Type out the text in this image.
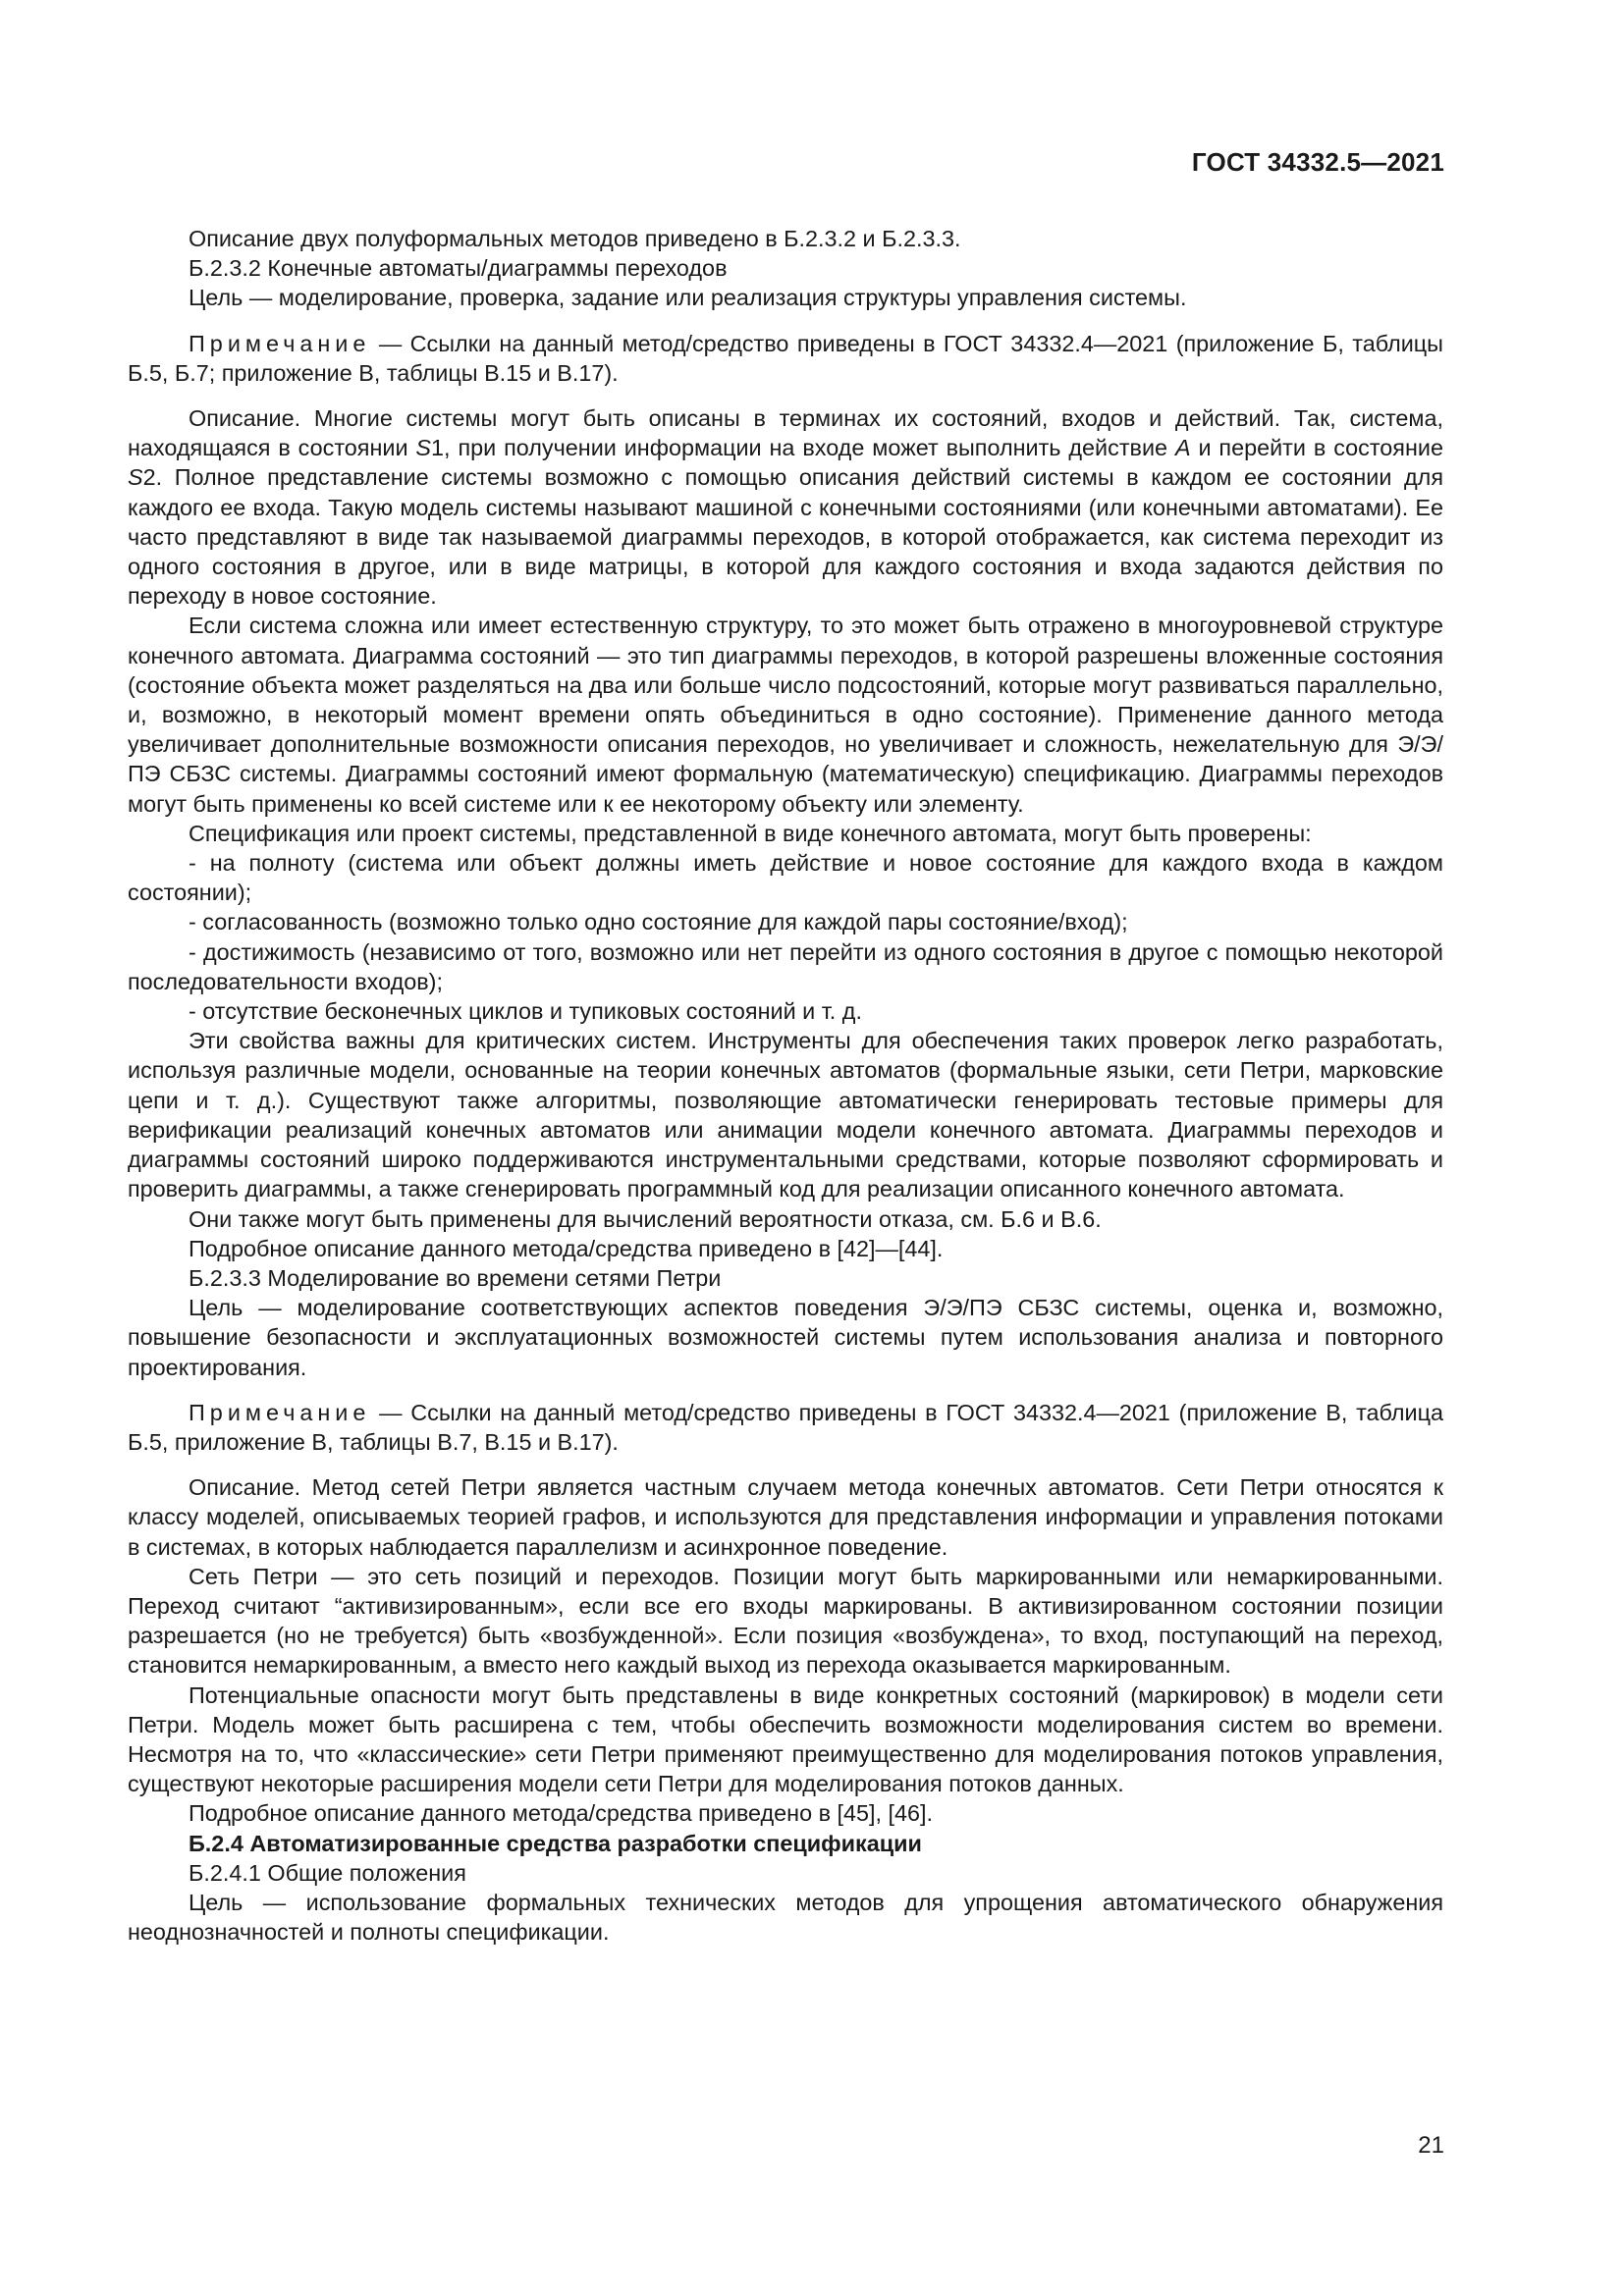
ГОСТ 34332.5—2021

Описание двух полуформальных методов приведено в Б.2.3.2 и Б.2.3.3.

Б.2.3.2 Конечные автоматы/диаграммы переходов

Цель — моделирование, проверка, задание или реализация структуры управления системы.

Примечание — Ссылки на данный метод/средство приведены в ГОСТ 34332.4—2021 (приложение Б, таблицы Б.5, Б.7; приложение В, таблицы В.15 и В.17).

Описание. Многие системы могут быть описаны в терминах их состояний, входов и действий. Так, система, находящаяся в состоянии S1, при получении информации на входе может выполнить действие A и перейти в состояние S2. Полное представление системы возможно с помощью описания действий системы в каждом ее состоянии для каждого ее входа. Такую модель системы называют машиной с конечными состояниями (или конечными автоматами). Ее часто представляют в виде так называемой диаграммы переходов, в которой отображается, как система переходит из одного состояния в другое, или в виде матрицы, в которой для каждого состояния и входа задаются действия по переходу в новое состояние.

Если система сложна или имеет естественную структуру, то это может быть отражено в многоуровневой структуре конечного автомата. Диаграмма состояний — это тип диаграммы переходов, в которой разрешены вложенные состояния (состояние объекта может разделяться на два или больше число подсостояний, которые могут развиваться параллельно, и, возможно, в некоторый момент времени опять объединиться в одно состояние). Применение данного метода увеличивает дополнительные возможности описания переходов, но увеличивает и сложность, нежелательную для Э/Э/ПЭ СБЗС системы. Диаграммы состояний имеют формальную (математическую) спецификацию. Диаграммы переходов могут быть применены ко всей системе или к ее некоторому объекту или элементу.

Спецификация или проект системы, представленной в виде конечного автомата, могут быть проверены:

- на полноту (система или объект должны иметь действие и новое состояние для каждого входа в каждом состоянии);

- согласованность (возможно только одно состояние для каждой пары состояние/вход);

- достижимость (независимо от того, возможно или нет перейти из одного состояния в другое с помощью некоторой последовательности входов);

- отсутствие бесконечных циклов и тупиковых состояний и т. д.

Эти свойства важны для критических систем. Инструменты для обеспечения таких проверок легко разработать, используя различные модели, основанные на теории конечных автоматов (формальные языки, сети Петри, марковские цепи и т. д.). Существуют также алгоритмы, позволяющие автоматически генерировать тестовые примеры для верификации реализаций конечных автоматов или анимации модели конечного автомата. Диаграммы переходов и диаграммы состояний широко поддерживаются инструментальными средствами, которые позволяют сформировать и проверить диаграммы, а также сгенерировать программный код для реализации описанного конечного автомата.

Они также могут быть применены для вычислений вероятности отказа, см. Б.6 и В.6.

Подробное описание данного метода/средства приведено в [42]—[44].

Б.2.3.3 Моделирование во времени сетями Петри

Цель — моделирование соответствующих аспектов поведения Э/Э/ПЭ СБЗС системы, оценка и, возможно, повышение безопасности и эксплуатационных возможностей системы путем использования анализа и повторного проектирования.

Примечание — Ссылки на данный метод/средство приведены в ГОСТ 34332.4—2021 (приложение В, таблица Б.5, приложение В, таблицы В.7, В.15 и В.17).

Описание. Метод сетей Петри является частным случаем метода конечных автоматов. Сети Петри относятся к классу моделей, описываемых теорией графов, и используются для представления информации и управления потоками в системах, в которых наблюдается параллелизм и асинхронное поведение.

Сеть Петри — это сеть позиций и переходов. Позиции могут быть маркированными или немаркированными. Переход считают “активизированным», если все его входы маркированы. В активизированном состоянии позиции разрешается (но не требуется) быть «возбужденной». Если позиция «возбуждена», то вход, поступающий на переход, становится немаркированным, а вместо него каждый выход из перехода оказывается маркированным.

Потенциальные опасности могут быть представлены в виде конкретных состояний (маркировок) в модели сети Петри. Модель может быть расширена с тем, чтобы обеспечить возможности моделирования систем во времени. Несмотря на то, что «классические» сети Петри применяют преимущественно для моделирования потоков управления, существуют некоторые расширения модели сети Петри для моделирования потоков данных.

Подробное описание данного метода/средства приведено в [45], [46].

Б.2.4 Автоматизированные средства разработки спецификации

Б.2.4.1 Общие положения

Цель — использование формальных технических методов для упрощения автоматического обнаружения неоднозначностей и полноты спецификации.

21
